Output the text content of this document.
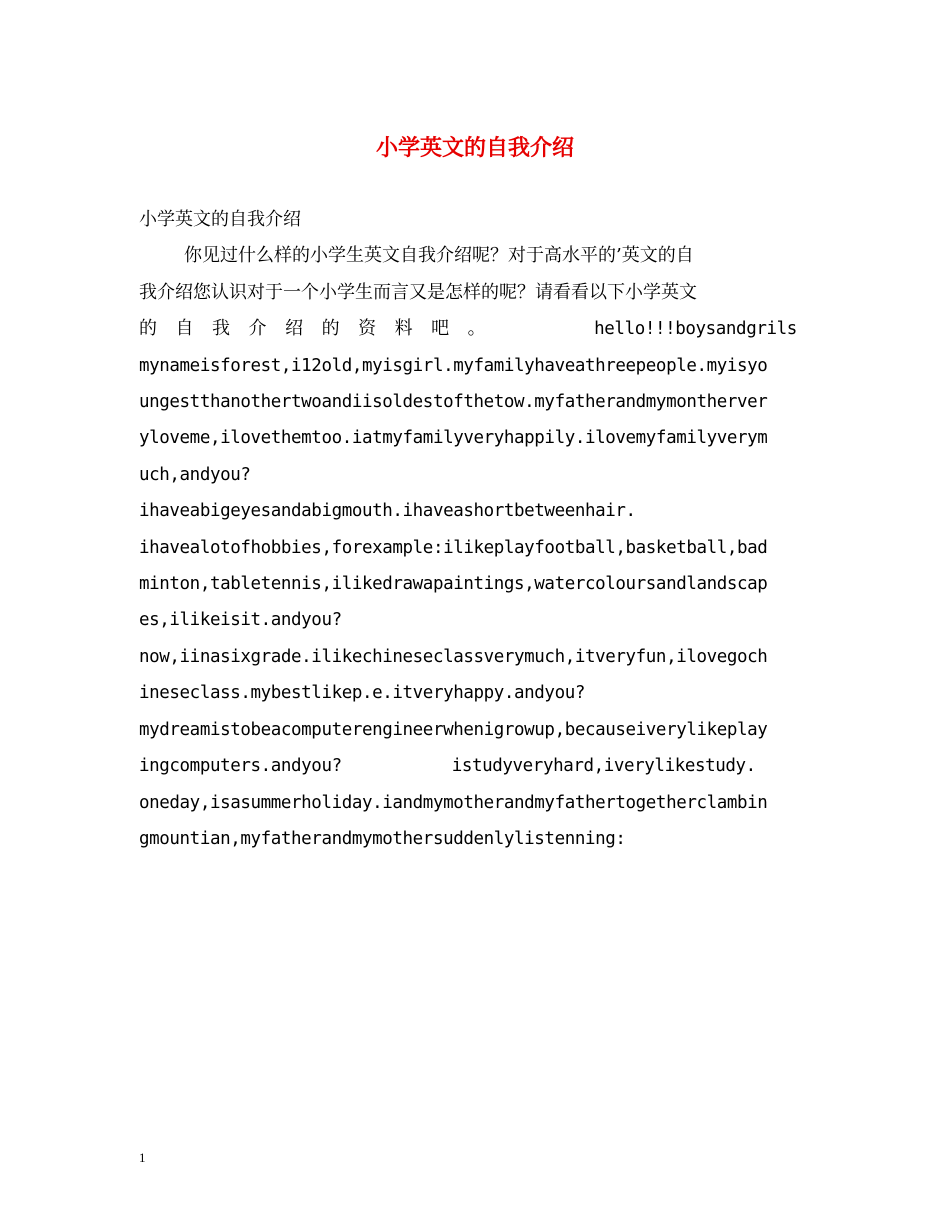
小学英文的自我介绍
小学英文的自我介绍
你见过什么样的小学生英文自我介绍呢？对于高水平的’英文的自
我介绍您认识对于一个小学生而言又是怎样的呢？请看看以下小学英文
的 自 我 介 绍 的 资 料 吧 。	hello!!!boysandgrils
mynameisforest,i12old,myisgirl.myfamilyhaveathreepeople.myisyo
ungestthanothertwoandiisoldestofthetow.myfatherandmymontherver
yloveme,ilovethemtoo.iatmyfamilyveryhappily.ilovemyfamilyverym
uch,andyou?
ihaveabigeyesandabigmouth.ihaveashortbetweenhair.
ihavealotofhobbies,forexample:ilikeplayfootball,basketball,bad
minton,tabletennis,ilikedrawapaintings,watercoloursandlandscap
es,ilikeisit.andyou?
now,iinasixgrade.ilikechineseclassverymuch,itveryfun,ilovegoch
ineseclass.mybestlikep.e.itveryhappy.andyou?
mydreamistobeacomputerengineerwhenigrowup,becauseiverylikeplay
ingcomputers.andyou?	istudyveryhard,iverylikestudy.
oneday,isasummerholiday.iandmymotherandmyfathertogetherclambin
gmountian,myfatherandmymothersuddenlylistenning:
1
